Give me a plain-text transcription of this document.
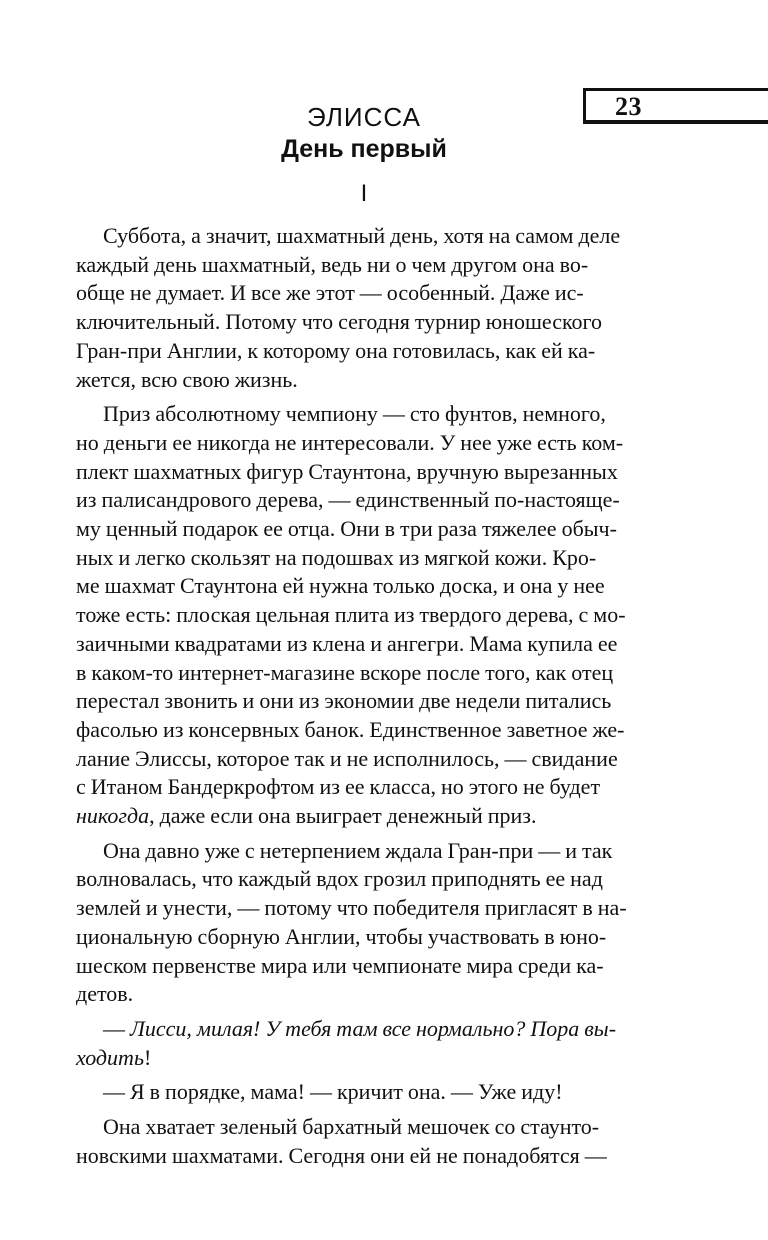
23
ЭЛИССА
День первый
I

Суббота, а значит, шахматный день, хотя на самом деле
каждый день шахматный, ведь ни о чем другом она во-
обще не думает. И все же этот — особенный. Даже ис-
ключительный. Потому что сегодня турнир юношеского
Гран-при Англии, к которому она готовилась, как ей ка-
жется, всю свою жизнь.

Приз абсолютному чемпиону — сто фунтов, немного,
но деньги ее никогда не интересовали. У нее уже есть ком-
плект шахматных фигур Стаунтона, вручную вырезанных
из палисандрового дерева, — единственный по-настояще-
му ценный подарок ее отца. Они в три раза тяжелее обыч-
ных и легко скользят на подошвах из мягкой кожи. Кро-
ме шахмат Стаунтона ей нужна только доска, и она у нее
тоже есть: плоская цельная плита из твердого дерева, с мо-
заичными квадратами из клена и ангегри. Мама купила ее
в каком-то интернет-магазине вскоре после того, как отец
перестал звонить и они из экономии две недели питались
фасолью из консервных банок. Единственное заветное же-
лание Элиссы, которое так и не исполнилось, — свидание
с Итаном Бандеркрофтом из ее класса, но этого не будет
никогда, даже если она выиграет денежный приз.

Она давно уже с нетерпением ждала Гран-при — и так
волновалась, что каждый вдох грозил приподнять ее над
землей и унести, — потому что победителя пригласят в на-
циональную сборную Англии, чтобы участвовать в юно-
шеском первенстве мира или чемпионате мира среди ка-
детов.

— Лисси, милая! У тебя там все нормально? Пора вы-
ходить!

— Я в порядке, мама! — кричит она. — Уже иду!

Она хватает зеленый бархатный мешочек со стаунто-
новскими шахматами. Сегодня они ей не понадобятся —
